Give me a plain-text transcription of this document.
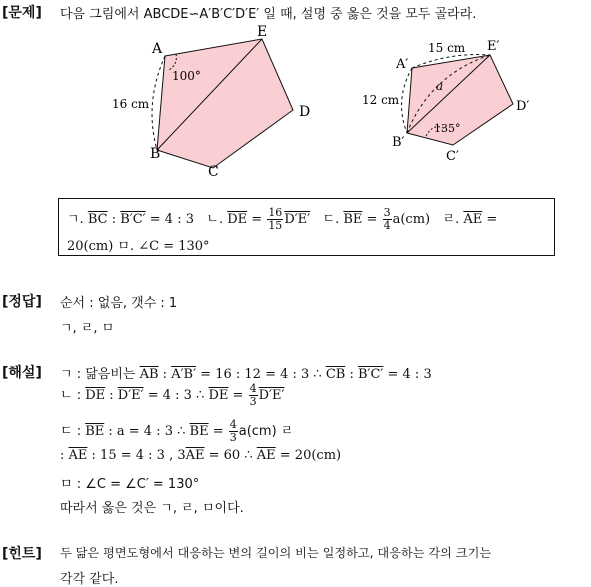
[문제] 다음 그림에서 ABCDE∽A′B′C′D′E′ 일 때, 설명 중 옳은 것을 모두 골라라.
A
B
C
D
E
16 cm
100°
A′
B′
C′
D′
E′
12 cm
15 cm
a
135°
ㄱ. $\overline{BC}$ : B′C′ = 4 : 3 ㄴ. $\overline{DE} = \frac{16}{15} D'E'$ ㄷ. $\overline{BE} = \frac{3}{4} a(cm)$ ㄹ. $\overline{AE}$ =
20(cm) ㅁ. ∠C = 130°
[정답] 순서 : 없음, 갯수 : 1
ㄱ, ㄹ, ㅁ
[해설] ㄱ : 닮음비는 $\overline{AB}$ : A′B′ = 16 : 12 = 4 : 3 ∴ $\overline{CB}$ : B′C′ = 4 : 3
ㄴ : $\overline{DE}$ : D′E′ = 4 : 3 ∴ $\overline{DE} = \frac{4}{3} D'E'$
ㄷ : $\overline{BE}$ : a = 4 : 3 ∴ $\overline{BE} = \frac{4}{3} a(cm)$ ㄹ
: $\overline{AE}$ : 15 = 4 : 3 , $3\overline{AE} = 60$ ∴ $\overline{AE} = 20(cm)$
ㅁ : ∠C = ∠C′ = 130°
따라서 옳은 것은 ㄱ, ㄹ, ㅁ이다.
[힌트] 두 닮은 평면도형에서 대응하는 변의 길이의 비는 일정하고, 대응하는 각의 크기는
각각 같다.
